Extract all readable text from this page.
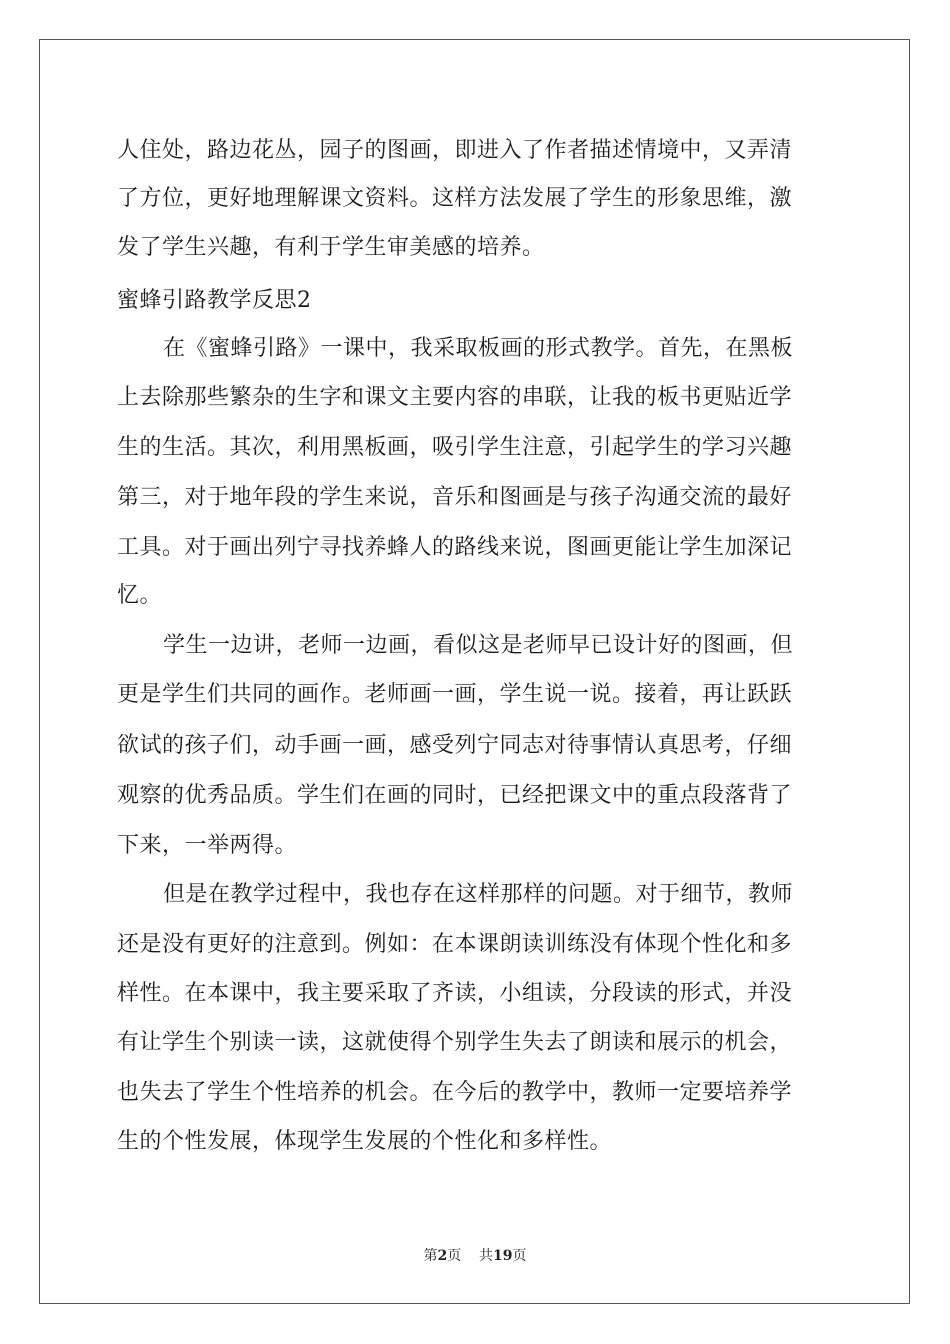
人住处，路边花丛，园子的图画，即进入了作者描述情境中，又弄清
了方位，更好地理解课文资料。这样方法发展了学生的形象思维，激
发了学生兴趣，有利于学生审美感的培养。
蜜蜂引路教学反思2
在《蜜蜂引路》一课中，我采取板画的形式教学。首先，在黑板
上去除那些繁杂的生字和课文主要内容的串联，让我的板书更贴近学
生的生活。其次，利用黑板画，吸引学生注意，引起学生的学习兴趣
第三，对于地年段的学生来说，音乐和图画是与孩子沟通交流的最好
工具。对于画出列宁寻找养蜂人的路线来说，图画更能让学生加深记
忆。
学生一边讲，老师一边画，看似这是老师早已设计好的图画，但
更是学生们共同的画作。老师画一画，学生说一说。接着，再让跃跃
欲试的孩子们，动手画一画，感受列宁同志对待事情认真思考，仔细
观察的优秀品质。学生们在画的同时，已经把课文中的重点段落背了
下来，一举两得。
但是在教学过程中，我也存在这样那样的问题。对于细节，教师
还是没有更好的注意到。例如：在本课朗读训练没有体现个性化和多
样性。在本课中，我主要采取了齐读，小组读，分段读的形式，并没
有让学生个别读一读，这就使得个别学生失去了朗读和展示的机会，
也失去了学生个性培养的机会。在今后的教学中，教师一定要培养学
生的个性发展，体现学生发展的个性化和多样性。
第2页 共19页
